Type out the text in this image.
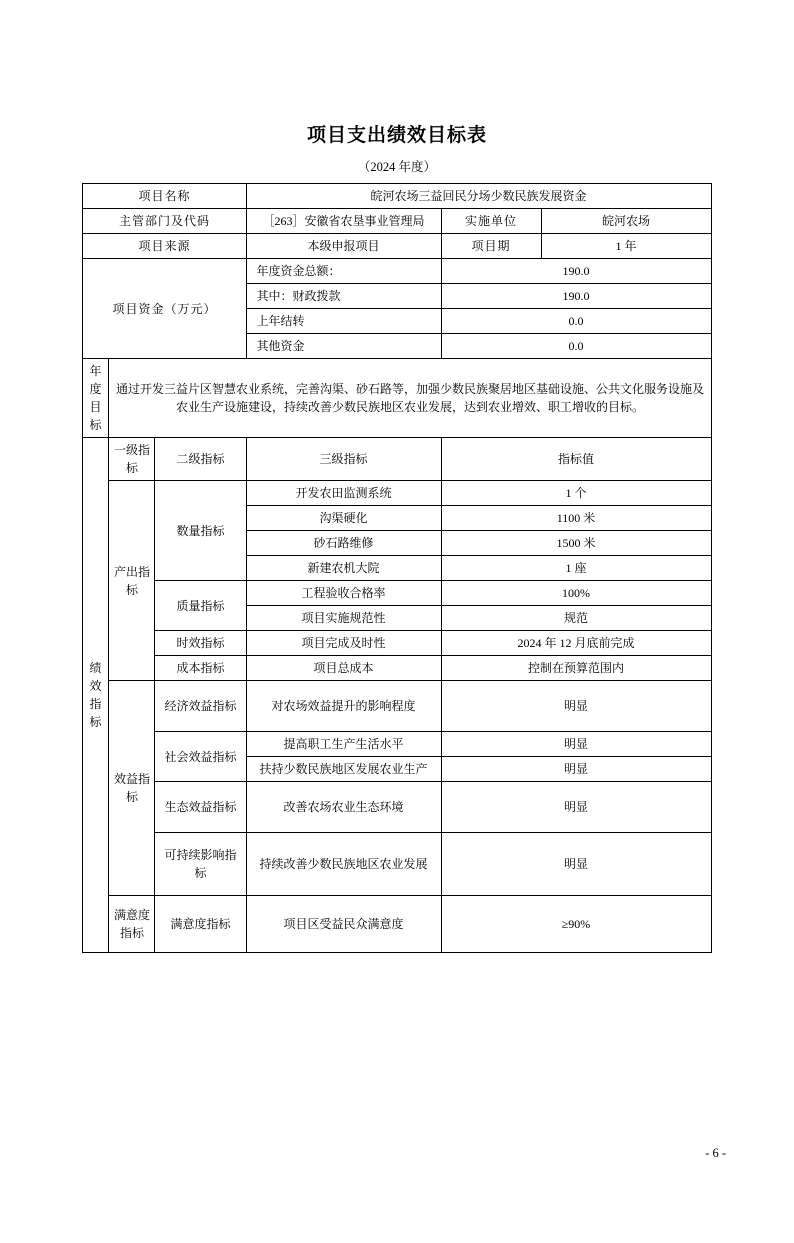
项目支出绩效目标表
（2024 年度）
项目名称			皖河农场三益回民分场少数民族发展资金		
主管部门及代码			［263］安徽省农垦事业管理局	实施单位	皖河农场
项目来源			本级申报项目	项目期	1 年
项目资金（万元）			年度资金总额：	190.0	
			其中：财政拨款	190.0	
			上年结转	0.0	
			其他资金	0.0	
年度目标	通过开发三益片区智慧农业系统，完善沟渠、砂石路等，加强少数民族聚居地区基础设施、公共文化服务设施及农业生产设施建设，持续改善少数民族地区农业发展，达到农业增效、职工增收的目标。				
绩效指标	一级指标	二级指标	三级指标	指标值	
	产出指标	数量指标	开发农田监测系统	1 个	
			沟渠硬化	1100 米	
			砂石路维修	1500 米	
			新建农机大院	1 座	
		质量指标	工程验收合格率	100%	
			项目实施规范性	规范	
		时效指标	项目完成及时性	2024 年 12 月底前完成	
		成本指标	项目总成本	控制在预算范围内	
	效益指标	经济效益指标	对农场效益提升的影响程度	明显	
		社会效益指标	提高职工生产生活水平	明显	
			扶持少数民族地区发展农业生产	明显	
		生态效益指标	改善农场农业生态环境	明显	
		可持续影响指标	持续改善少数民族地区农业发展	明显	
	满意度指标	满意度指标	项目区受益民众满意度	≥90%	
- 6 -
